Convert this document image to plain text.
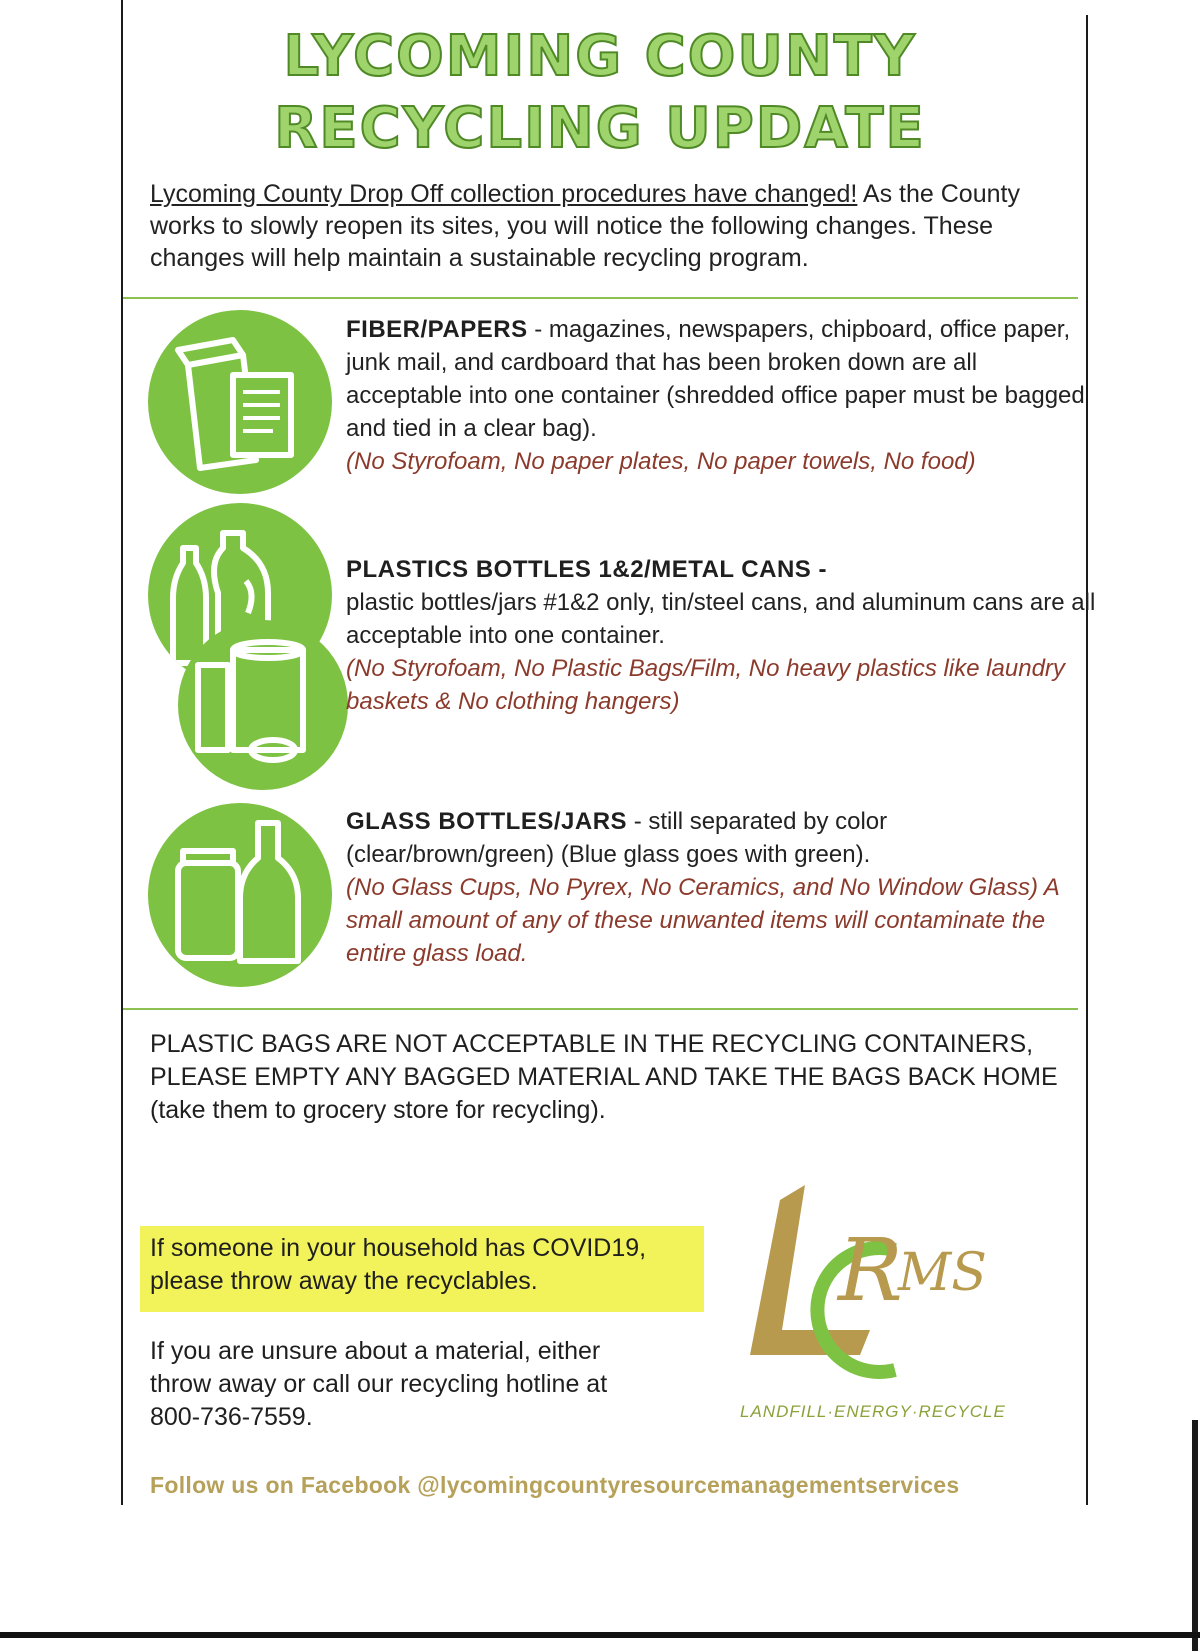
LYCOMING COUNTY
RECYCLING UPDATE
Lycoming County Drop Off collection procedures have changed! As the County works to slowly reopen its sites, you will notice the following changes. These changes will help maintain a sustainable recycling program.
FIBER/PAPERS - magazines, newspapers, chipboard, office paper, junk mail, and cardboard that has been broken down are all acceptable into one container (shredded office paper must be bagged and tied in a clear bag).
(No Styrofoam, No paper plates, No paper towels, No food)
PLASTICS BOTTLES 1&2/METAL CANS -
plastic bottles/jars #1&2 only, tin/steel cans, and aluminum cans are all acceptable into one container.
(No Styrofoam, No Plastic Bags/Film, No heavy plastics like laundry baskets & No clothing hangers)
GLASS BOTTLES/JARS - still separated by color (clear/brown/green) (Blue glass goes with green).
(No Glass Cups, No Pyrex, No Ceramics, and No Window Glass) A small amount of any of these unwanted items will contaminate the entire glass load.
PLASTIC BAGS ARE NOT ACCEPTABLE IN THE RECYCLING CONTAINERS, PLEASE EMPTY ANY BAGGED MATERIAL AND TAKE THE BAGS BACK HOME (take them to grocery store for recycling).
If someone in your household has COVID19, please throw away the recyclables.
If you are unsure about a material, either throw away or call our recycling hotline at 800-736-7559.
R
MS
LANDFILL·ENERGY·RECYCLE
Follow us on Facebook @lycomingcountyresourcemanagementservices
